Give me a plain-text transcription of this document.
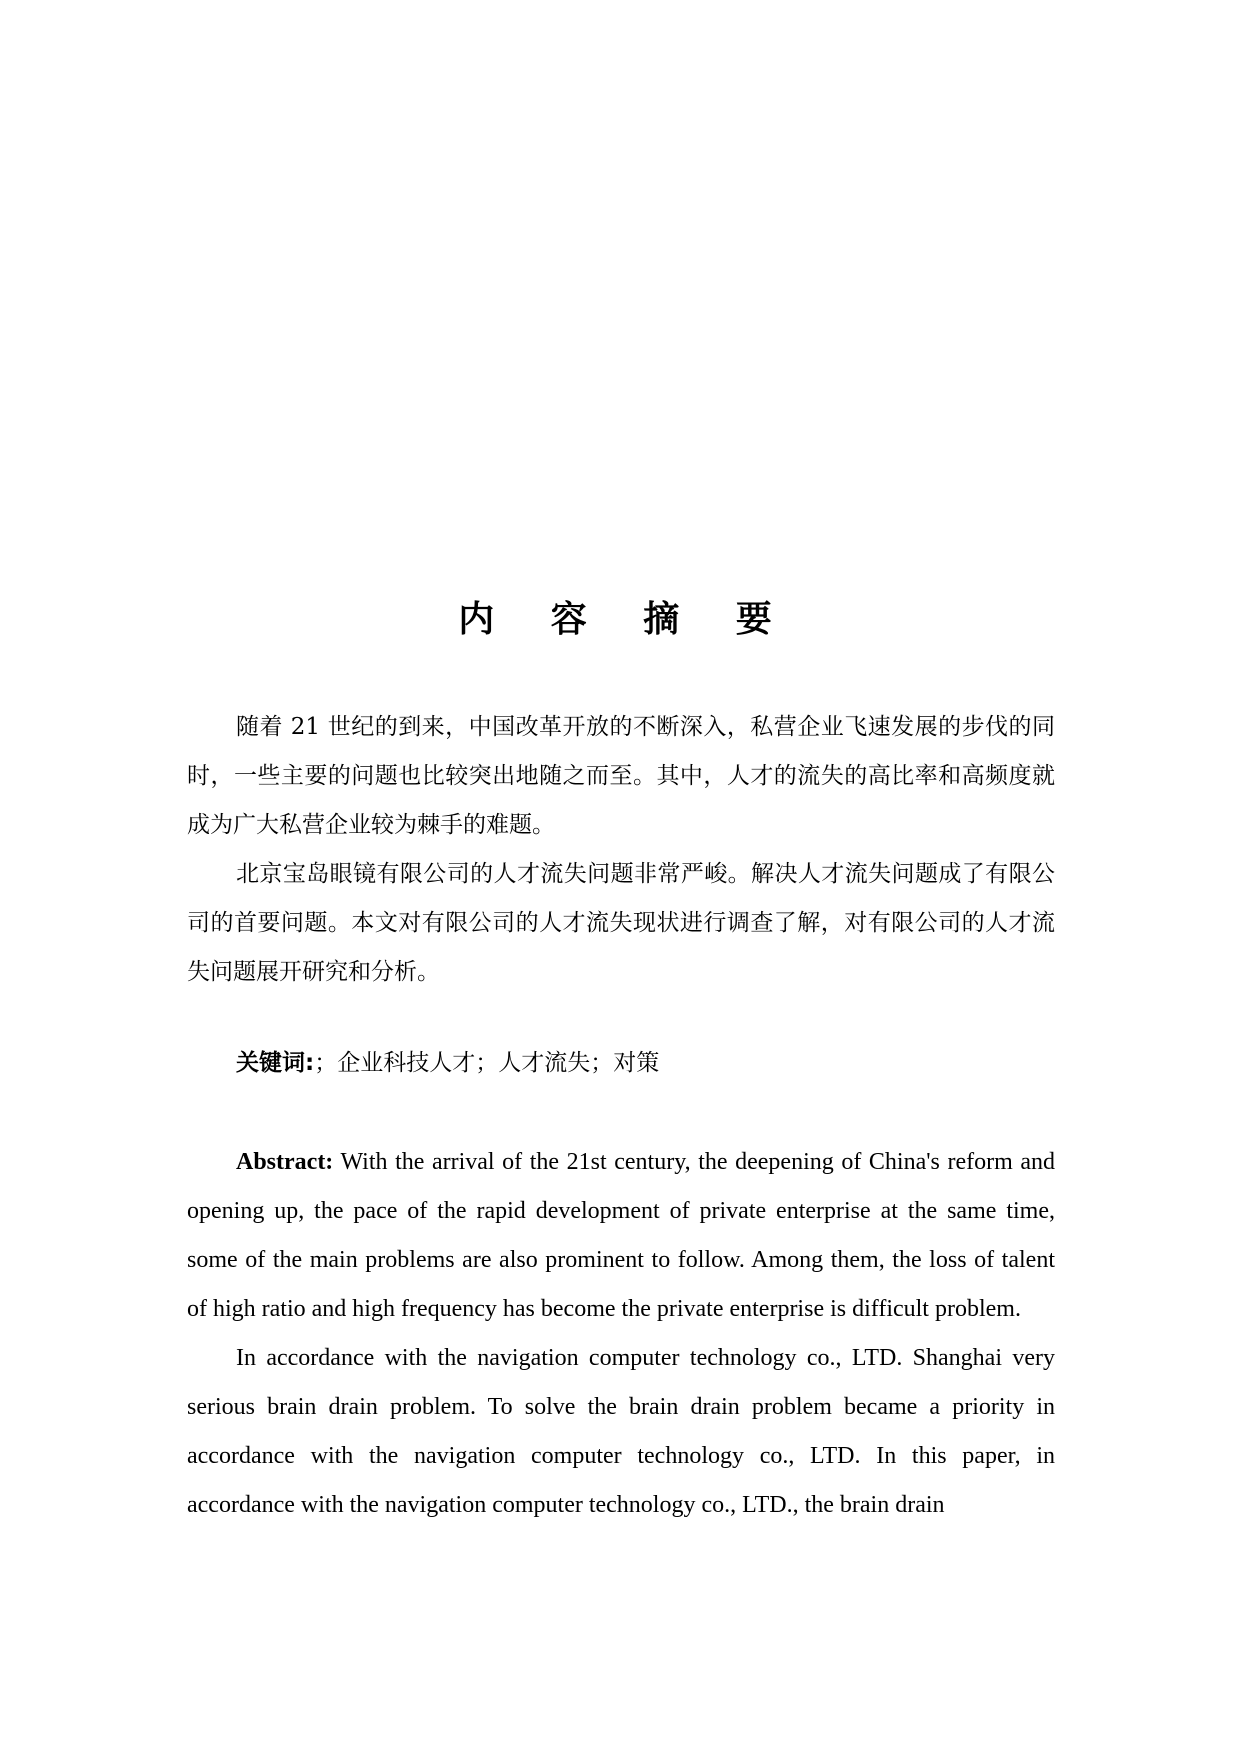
内 容 摘 要

随着 21 世纪的到来，中国改革开放的不断深入，私营企业飞速发展的步伐的同时，一些主要的问题也比较突出地随之而至。其中，人才的流失的高比率和高频度就成为广大私营企业较为棘手的难题。

北京宝岛眼镜有限公司的人才流失问题非常严峻。解决人才流失问题成了有限公司的首要问题。本文对有限公司的人才流失现状进行调查了解，对有限公司的人才流失问题展开研究和分析。

关键词:；企业科技人才；人才流失；对策

Abstract: With the arrival of the 21st century, the deepening of China's reform and opening up, the pace of the rapid development of private enterprise at the same time, some of the main problems are also prominent to follow. Among them, the loss of talent of high ratio and high frequency has become the private enterprise is difficult problem.

In accordance with the navigation computer technology co., LTD. Shanghai very serious brain drain problem. To solve the brain drain problem became a priority in accordance with the navigation computer technology co., LTD. In this paper, in accordance with the navigation computer technology co., LTD., the brain drain
